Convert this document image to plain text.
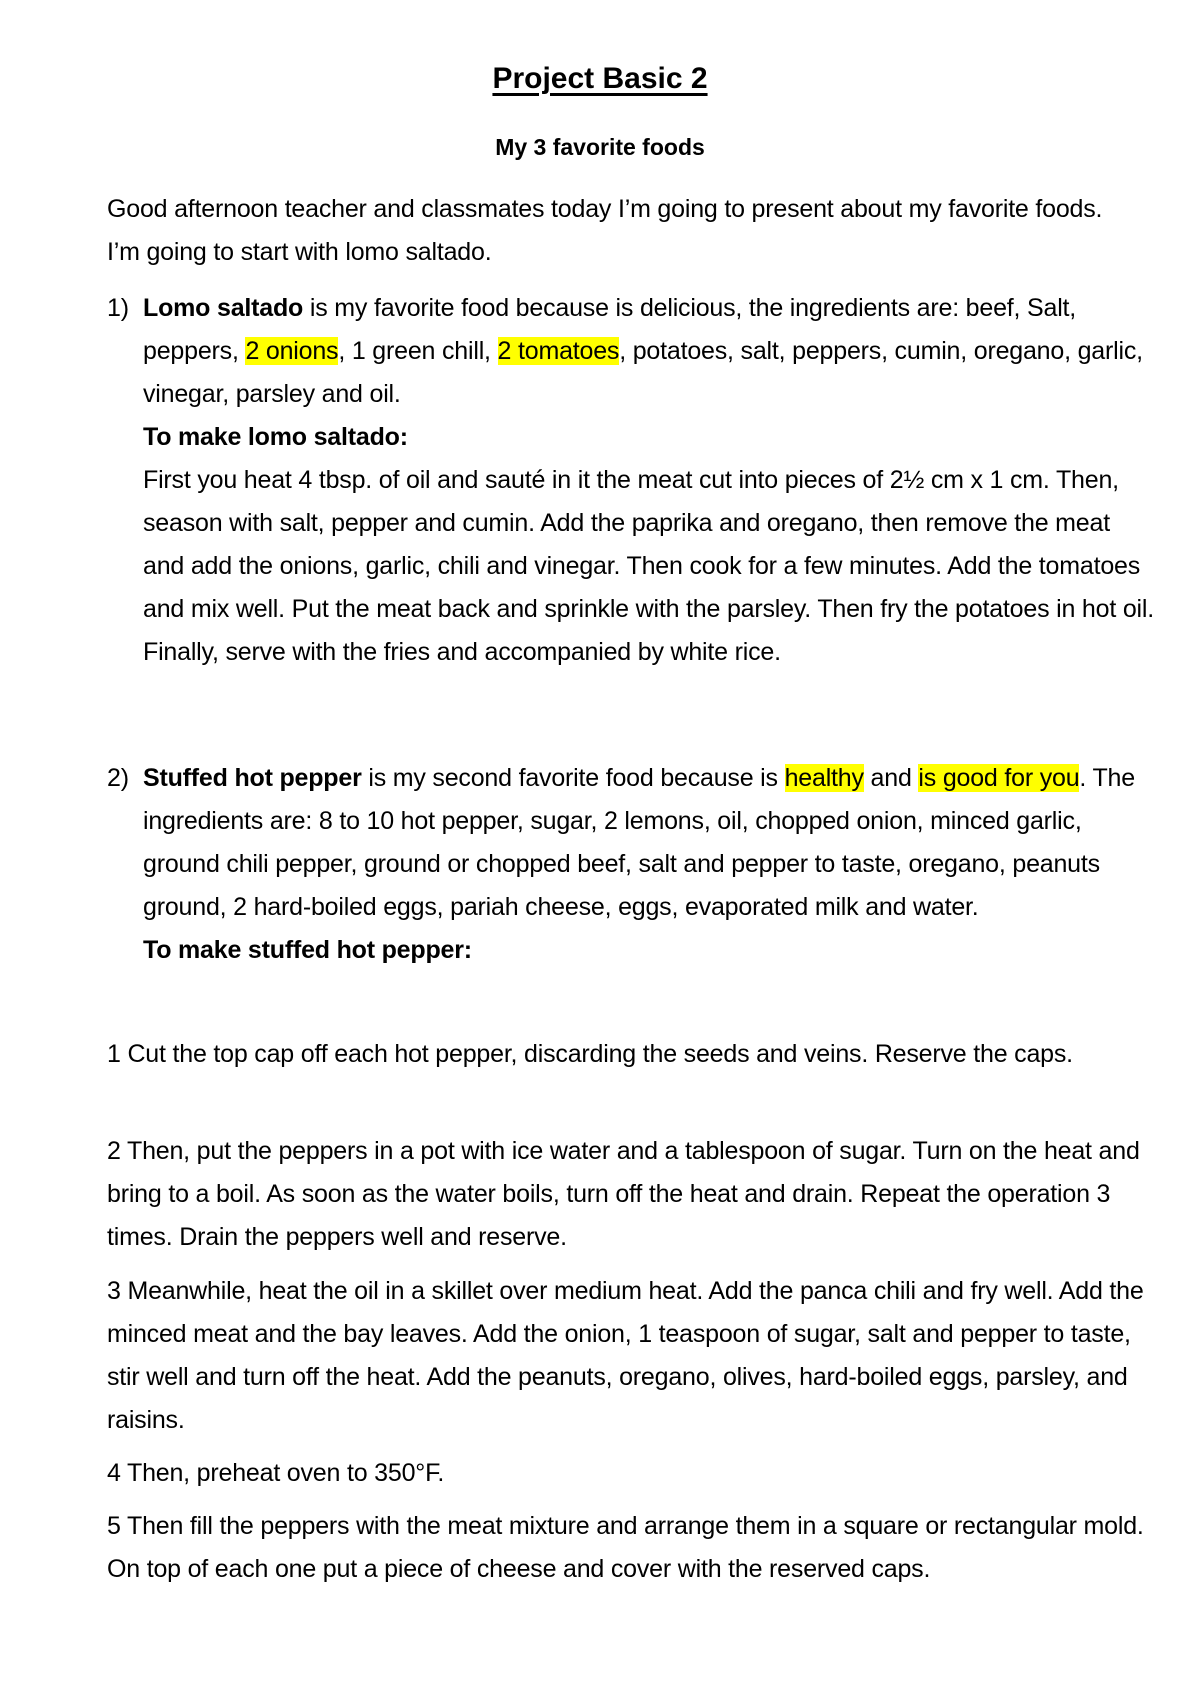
Project Basic 2
My 3 favorite foods
Good afternoon teacher and classmates today I’m going to present about my favorite foods. I’m going to start with lomo saltado.
1) Lomo saltado is my favorite food because is delicious, the ingredients are: beef, Salt, peppers, 2 onions, 1 green chill, 2 tomatoes, potatoes, salt, peppers, cumin, oregano, garlic, vinegar, parsley and oil.
To make lomo saltado:
First you heat 4 tbsp. of oil and sauté in it the meat cut into pieces of 2½ cm x 1 cm. Then, season with salt, pepper and cumin. Add the paprika and oregano, then remove the meat and add the onions, garlic, chili and vinegar. Then cook for a few minutes. Add the tomatoes and mix well. Put the meat back and sprinkle with the parsley. Then fry the potatoes in hot oil. Finally, serve with the fries and accompanied by white rice.
2) Stuffed hot pepper is my second favorite food because is healthy and is good for you. The ingredients are: 8 to 10 hot pepper, sugar, 2 lemons, oil, chopped onion, minced garlic, ground chili pepper, ground or chopped beef, salt and pepper to taste, oregano, peanuts ground, 2 hard-boiled eggs, pariah cheese, eggs, evaporated milk and water.
To make stuffed hot pepper:
1 Cut the top cap off each hot pepper, discarding the seeds and veins. Reserve the caps.
2 Then, put the peppers in a pot with ice water and a tablespoon of sugar. Turn on the heat and bring to a boil. As soon as the water boils, turn off the heat and drain. Repeat the operation 3 times. Drain the peppers well and reserve.
3 Meanwhile, heat the oil in a skillet over medium heat. Add the panca chili and fry well. Add the minced meat and the bay leaves. Add the onion, 1 teaspoon of sugar, salt and pepper to taste, stir well and turn off the heat. Add the peanuts, oregano, olives, hard-boiled eggs, parsley, and raisins.
4 Then, preheat oven to 350°F.
5 Then fill the peppers with the meat mixture and arrange them in a square or rectangular mold. On top of each one put a piece of cheese and cover with the reserved caps.
